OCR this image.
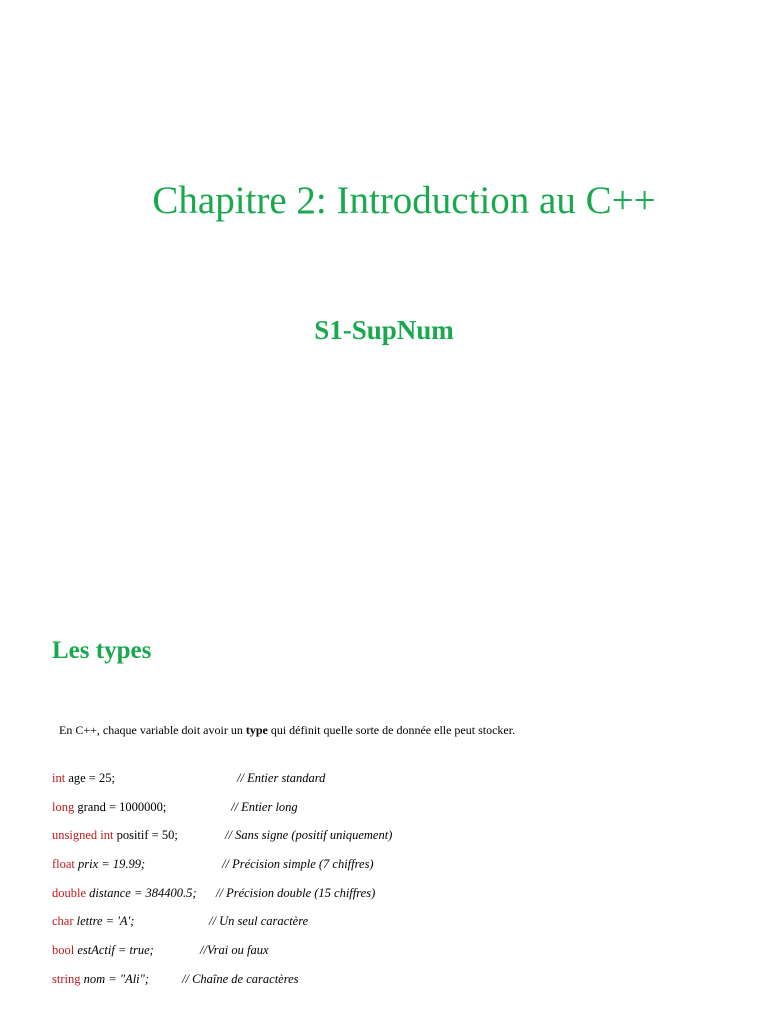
Chapitre 2: Introduction au C++
S1-SupNum
Les types

En C++, chaque variable doit avoir un type qui définit quelle sorte de donnée elle peut stocker.

int age = 25;	// Entier standard
long grand = 1000000;	// Entier long
unsigned int positif = 50;	// Sans signe (positif uniquement)
float prix = 19.99;	// Précision simple (7 chiffres)
double distance = 384400.5; // Précision double (15 chiffres)
char lettre = 'A';	// Un seul caractère
bool estActif = true;	//Vrai ou faux
string nom = "Ali";	// Chaîne de caractères
